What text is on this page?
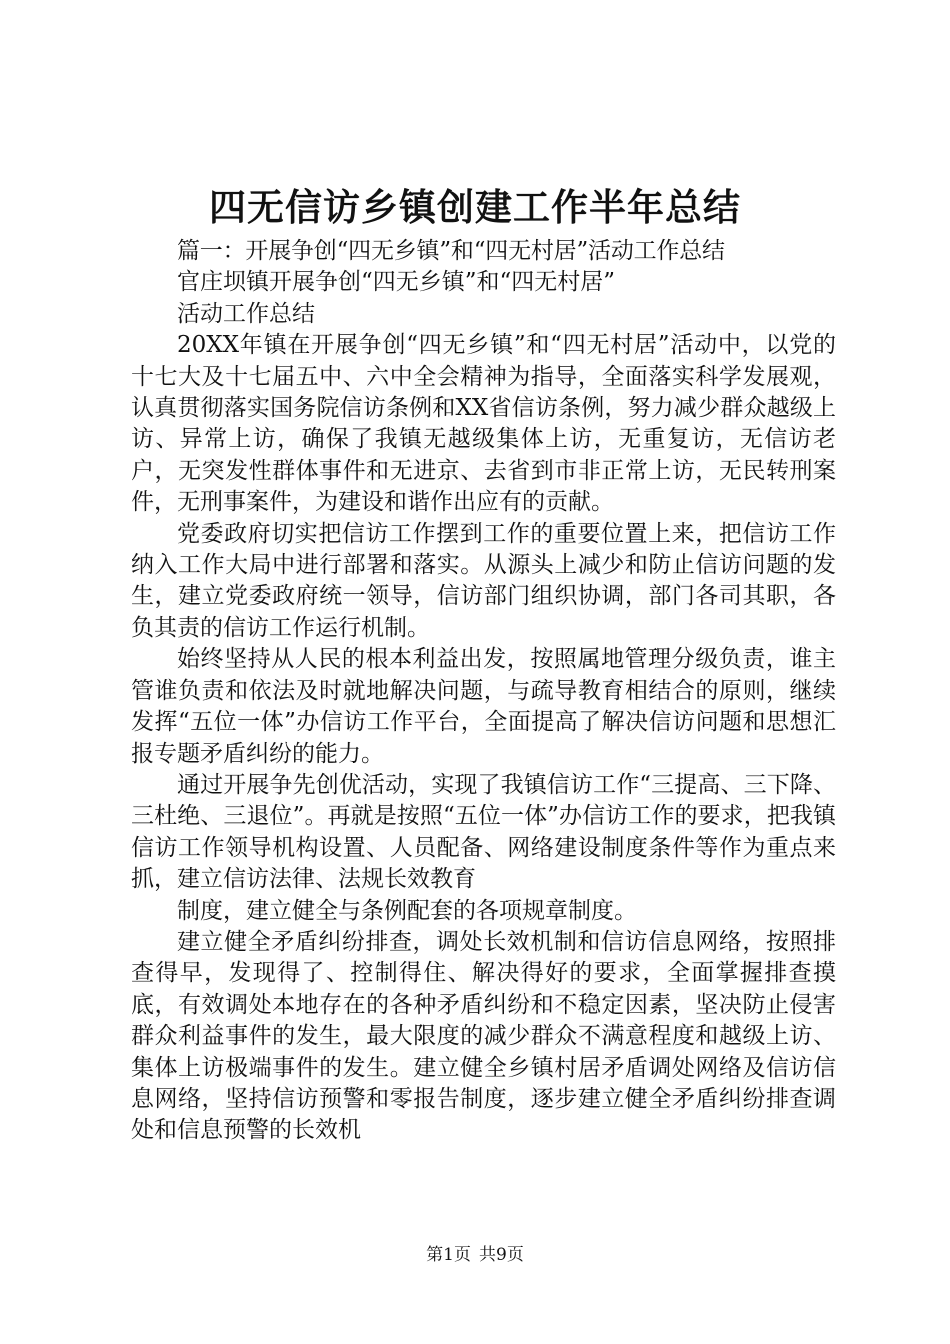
四无信访乡镇创建工作半年总结

篇一：开展争创“四无乡镇”和“四无村居”活动工作总结

官庄坝镇开展争创“四无乡镇”和“四无村居”

活动工作总结

20XX年镇在开展争创“四无乡镇”和“四无村居”活动中，以党的十七大及十七届五中、六中全会精神为指导，全面落实科学发展观，认真贯彻落实国务院信访条例和XX省信访条例，努力减少群众越级上访、异常上访，确保了我镇无越级集体上访，无重复访，无信访老户，无突发性群体事件和无进京、去省到市非正常上访，无民转刑案件，无刑事案件，为建设和谐作出应有的贡献。

党委政府切实把信访工作摆到工作的重要位置上来，把信访工作纳入工作大局中进行部署和落实。从源头上减少和防止信访问题的发生，建立党委政府统一领导，信访部门组织协调，部门各司其职，各负其责的信访工作运行机制。

始终坚持从人民的根本利益出发，按照属地管理分级负责，谁主管谁负责和依法及时就地解决问题，与疏导教育相结合的原则，继续发挥“五位一体”办信访工作平台，全面提高了解决信访问题和思想汇报专题矛盾纠纷的能力。

通过开展争先创优活动，实现了我镇信访工作“三提高、三下降、三杜绝、三退位”。再就是按照“五位一体”办信访工作的要求，把我镇信访工作领导机构设置、人员配备、网络建设制度条件等作为重点来抓，建立信访法律、法规长效教育

制度，建立健全与条例配套的各项规章制度。

建立健全矛盾纠纷排查，调处长效机制和信访信息网络，按照排查得早，发现得了、控制得住、解决得好的要求，全面掌握排查摸底，有效调处本地存在的各种矛盾纠纷和不稳定因素，坚决防止侵害群众利益事件的发生，最大限度的减少群众不满意程度和越级上访、集体上访极端事件的发生。建立健全乡镇村居矛盾调处网络及信访信息网络，坚持信访预警和零报告制度，逐步建立健全矛盾纠纷排查调处和信息预警的长效机

第1页 共9页
